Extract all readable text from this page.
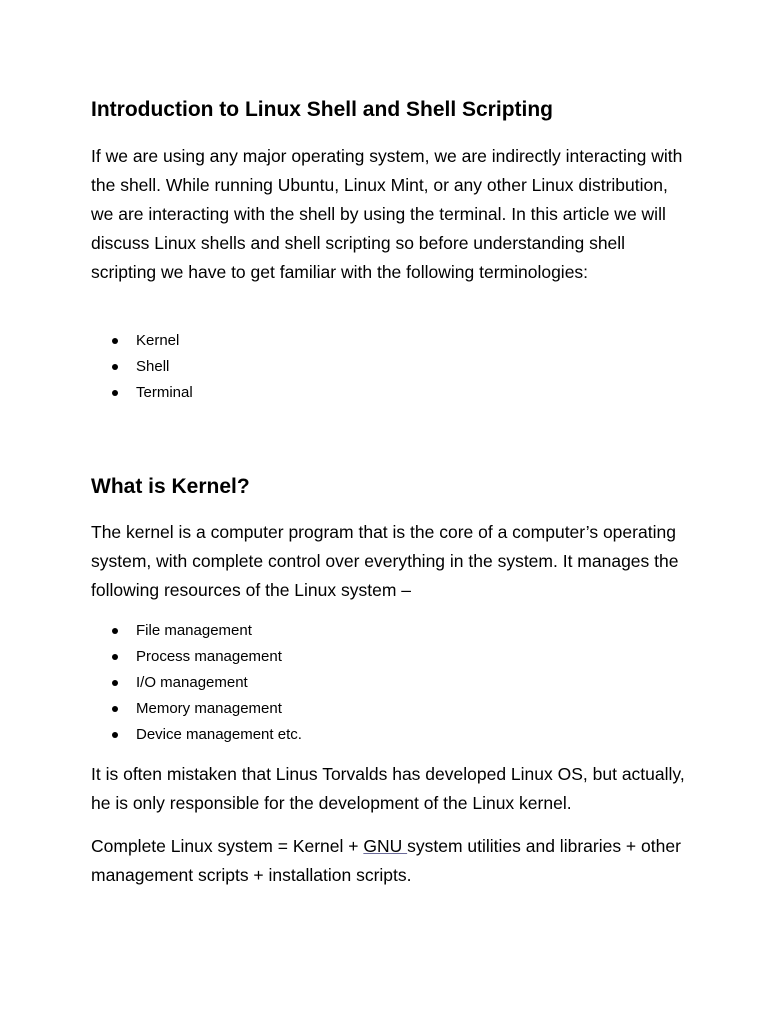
Introduction to Linux Shell and Shell Scripting

If we are using any major operating system, we are indirectly interacting with the shell. While running Ubuntu, Linux Mint, or any other Linux distribution, we are interacting with the shell by using the terminal. In this article we will discuss Linux shells and shell scripting so before understanding shell scripting we have to get familiar with the following terminologies:

Kernel
Shell
Terminal
What is Kernel?

The kernel is a computer program that is the core of a computer’s operating system, with complete control over everything in the system. It manages the following resources of the Linux system –

File management
Process management
I/O management
Memory management
Device management etc.

It is often mistaken that Linus Torvalds has developed Linux OS, but actually, he is only responsible for the development of the Linux kernel.

Complete Linux system = Kernel + GNU system utilities and libraries + other management scripts + installation scripts.
